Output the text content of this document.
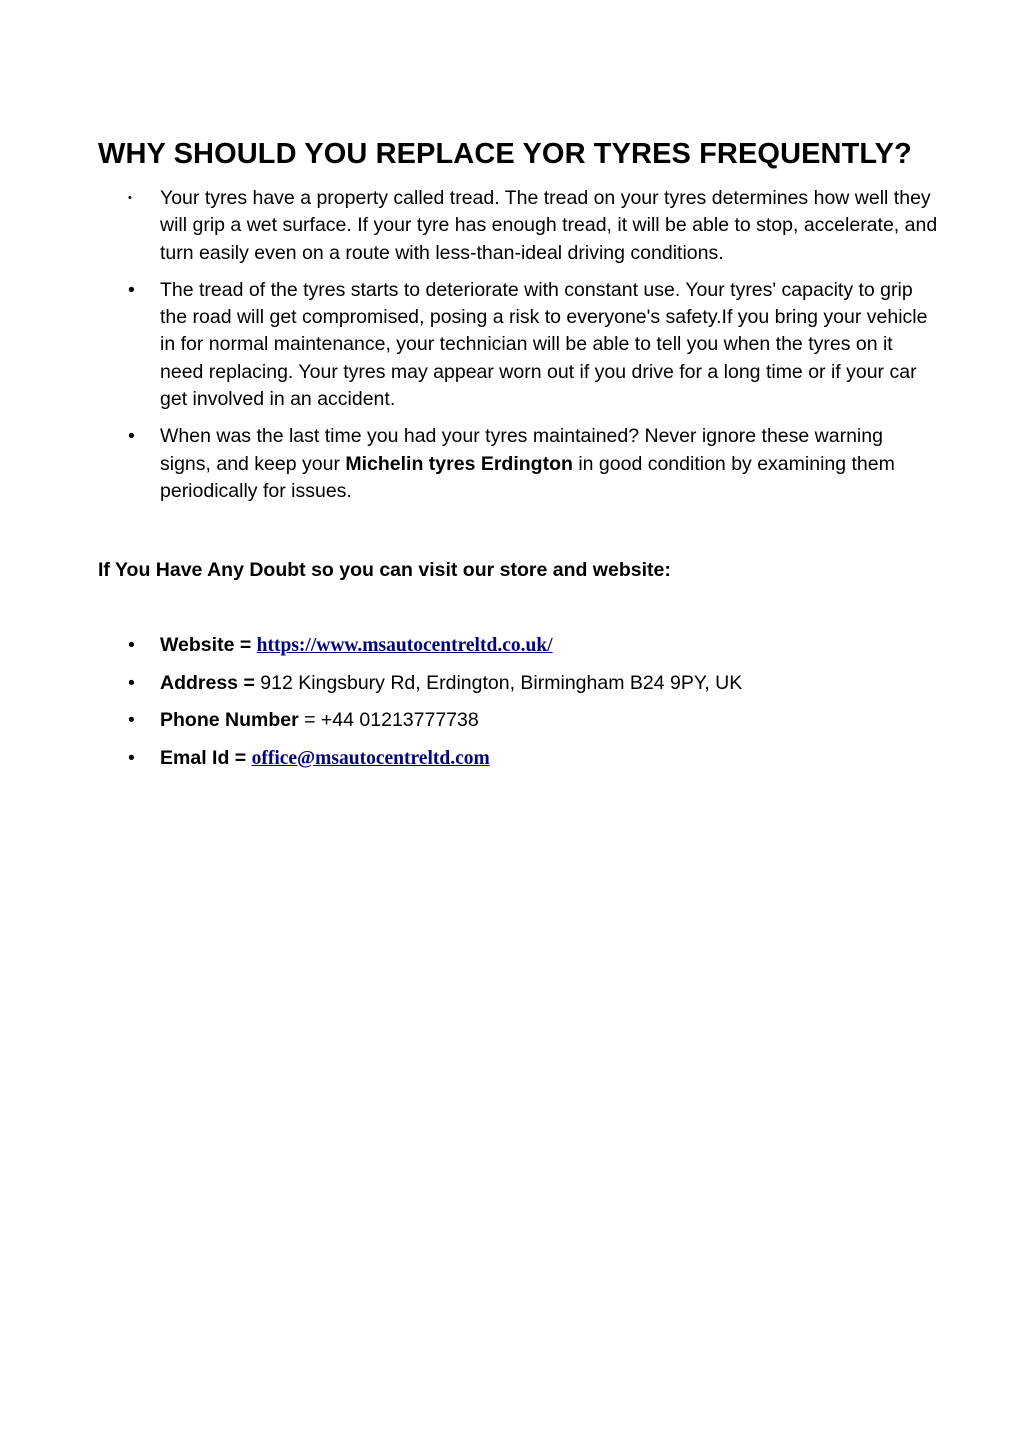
WHY SHOULD YOU REPLACE YOR TYRES FREQUENTLY?
• Your tyres have a property called tread. The tread on your tyres determines how well they will grip a wet surface. If your tyre has enough tread, it will be able to stop, accelerate, and turn easily even on a route with less-than-ideal driving conditions.
• The tread of the tyres starts to deteriorate with constant use. Your tyres' capacity to grip the road will get compromised, posing a risk to everyone's safety.If you bring your vehicle in for normal maintenance, your technician will be able to tell you when the tyres on it need replacing. Your tyres may appear worn out if you drive for a long time or if your car get involved in an accident.
• When was the last time you had your tyres maintained? Never ignore these warning signs, and keep your Michelin tyres Erdington in good condition by examining them periodically for issues.
If You Have Any Doubt so you can visit our store and website:
• Website = https://www.msautocentreltd.co.uk/
• Address = 912 Kingsbury Rd, Erdington, Birmingham B24 9PY, UK
• Phone Number = +44 01213777738
• Emal Id = office@msautocentreltd.com
